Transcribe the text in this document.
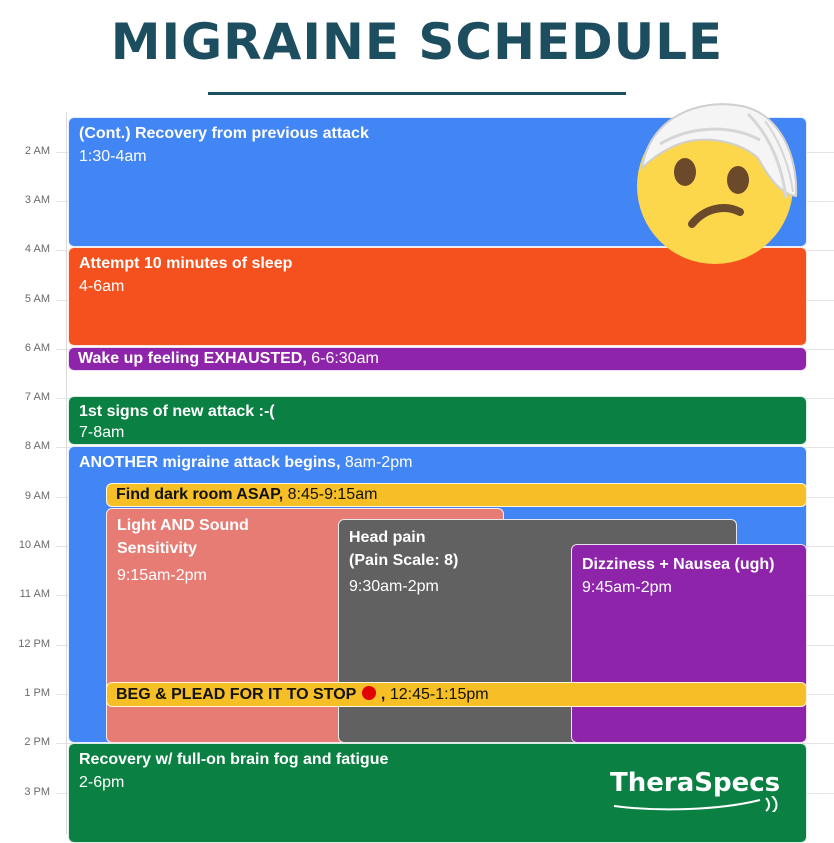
MIGRAINE SCHEDULE
2 AM
3 AM
4 AM
5 AM
6 AM
7 AM
8 AM
9 AM
10 AM
11 AM
12 PM
1 PM
2 PM
3 PM
(Cont.) Recovery from previous attack
1:30-4am
Attempt 10 minutes of sleep
4-6am
Wake up feeling EXHAUSTED, 6-6:30am
1st signs of new attack :-(
7-8am
ANOTHER migraine attack begins, 8am-2pm
Light AND Sound
Sensitivity
9:15am-2pm
Head pain
(Pain Scale: 8)
9:30am-2pm
Dizziness + Nausea (ugh)
9:45am-2pm
Find dark room ASAP, 8:45-9:15am
BEG & PLEAD FOR IT TO STOP  , 12:45-1:15pm
Recovery w/ full-on brain fog and fatigue
2-6pm	TheraSpecs
